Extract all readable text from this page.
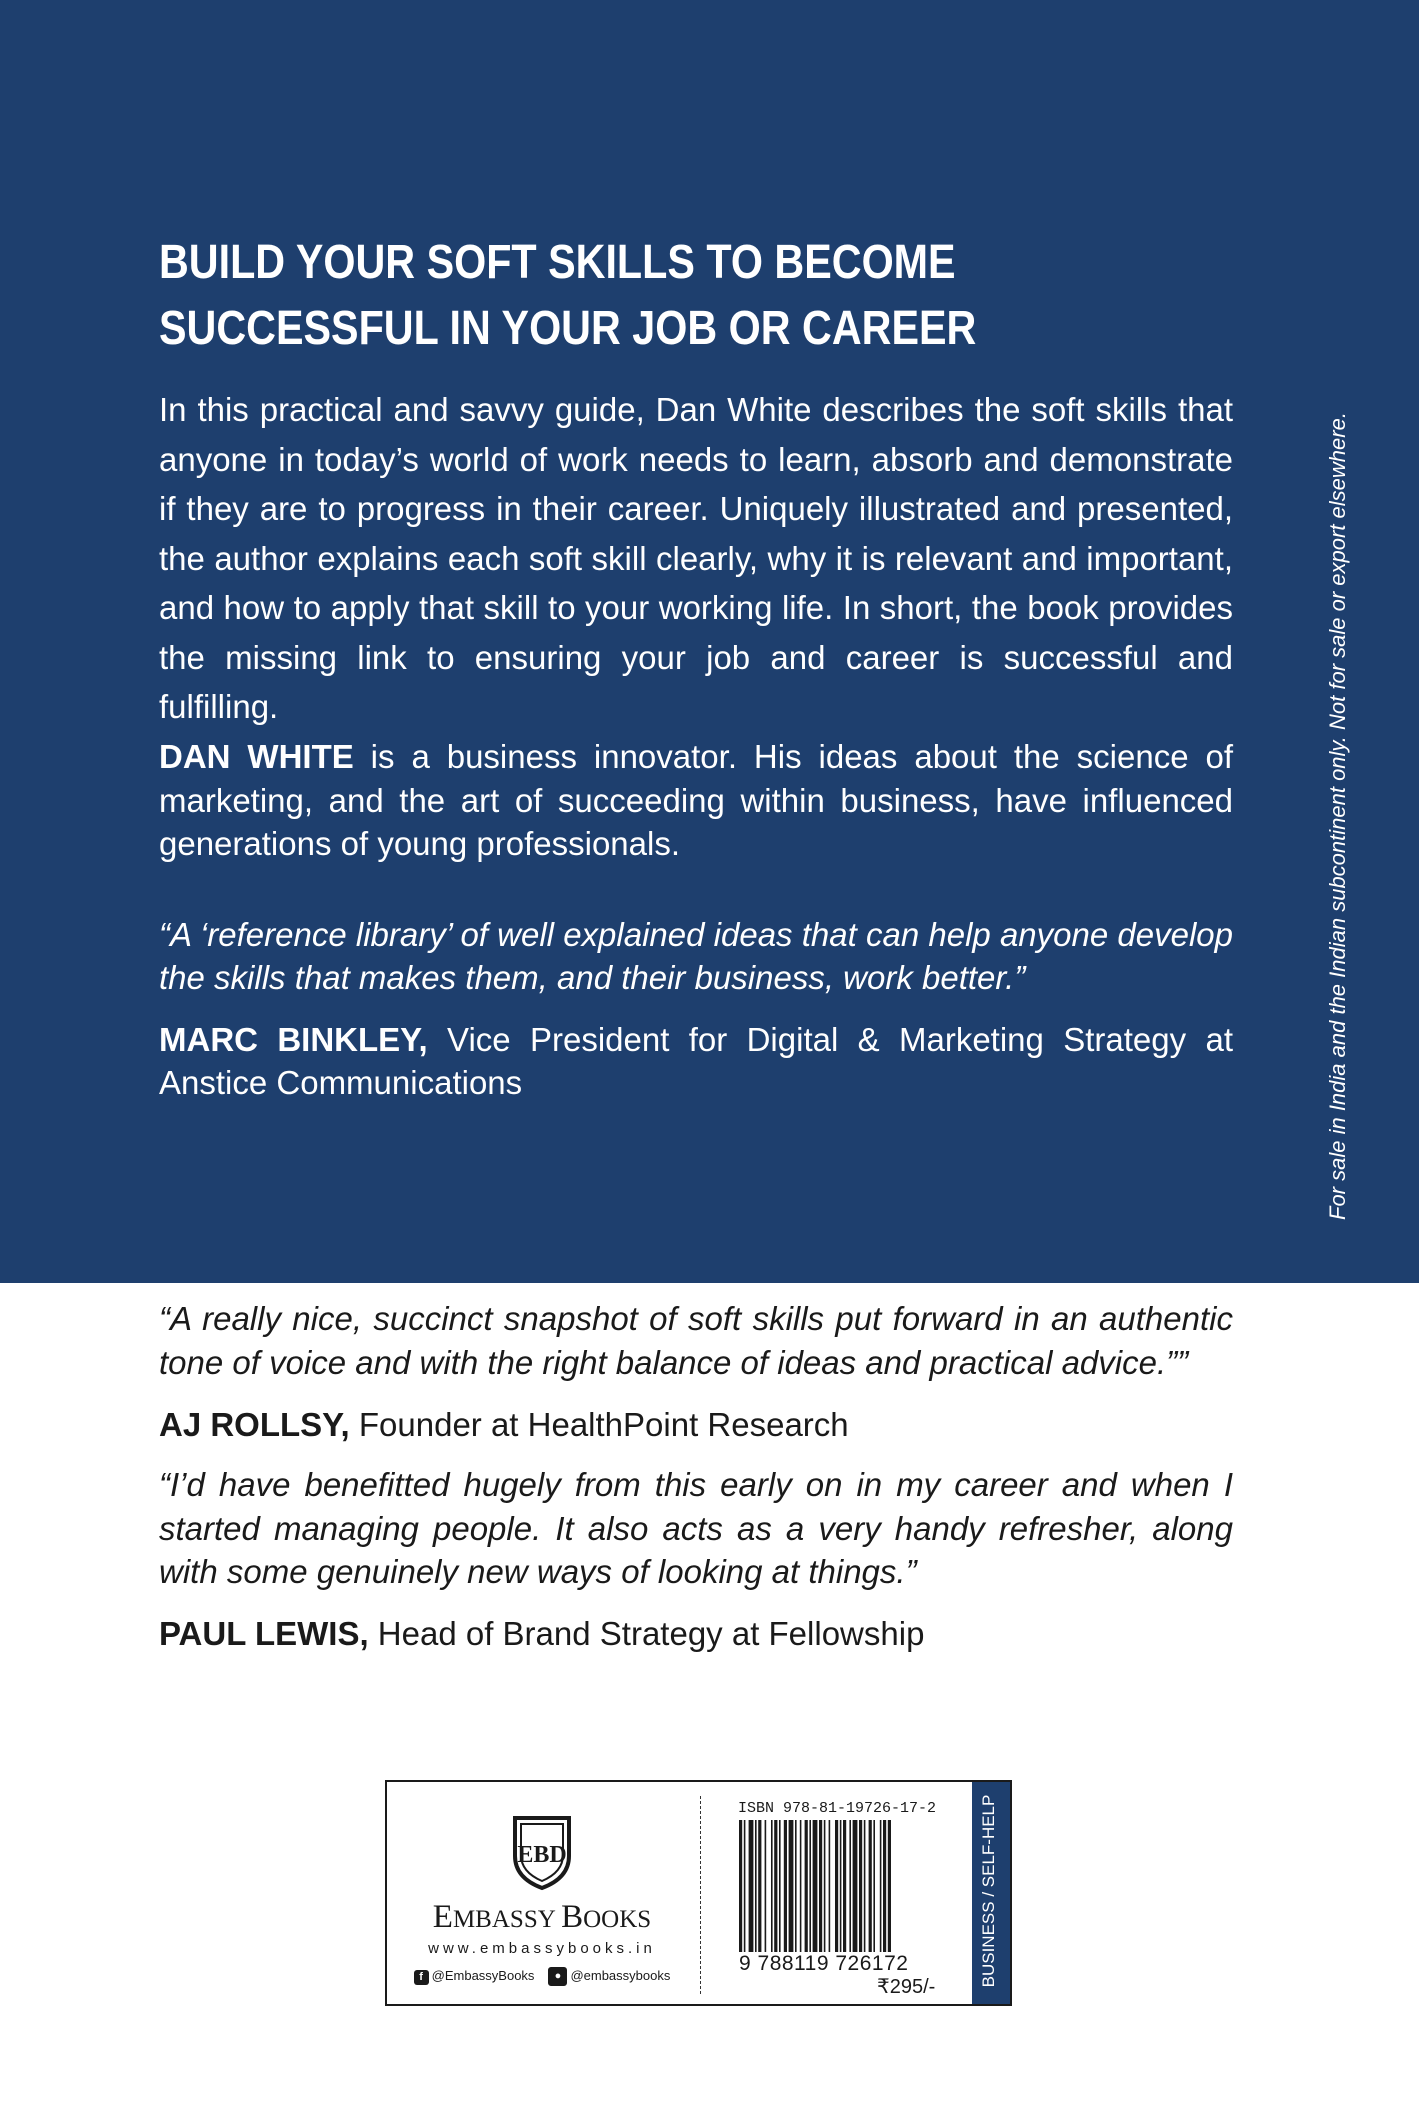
BUILD YOUR SOFT SKILLS TO BECOME
SUCCESSFUL IN YOUR JOB OR CAREER
In this practical and savvy guide, Dan White describes the soft skills that anyone in today’s world of work needs to learn, absorb and demonstrate if they are to progress in their career. Uniquely illustrated and presented, the author explains each soft skill clearly, why it is relevant and important, and how to apply that skill to your working life. In short, the book provides the missing link to ensuring your job and career is successful and fulfilling.
DAN WHITE is a business innovator. His ideas about the science of marketing, and the art of succeeding within business, have influenced generations of young professionals.
“A ‘reference library’ of well explained ideas that can help anyone develop the skills that makes them, and their business, work better.”
MARC BINKLEY, Vice President for Digital & Marketing Strategy at Anstice Communications	For sale in India and the Indian subcontinent only. Not for sale or export elsewhere.
“A really nice, succinct snapshot of soft skills put forward in an authentic tone of voice and with the right balance of ideas and practical advice.””
AJ ROLLSY, Founder at HealthPoint Research
“I’d have benefitted hugely from this early on in my career and when I started managing people. It also acts as a very handy refresher, along with some genuinely new ways of looking at things.”
PAUL LEWIS, Head of Brand Strategy at Fellowship
EBD
EMBASSY BOOKS
www.embassybooks.in
f @EmbassyBooks	● @embassybooks
ISBN 978-81-19726-17-2
9 788119 726172
₹295/-	BUSINESS / SELF-HELP
